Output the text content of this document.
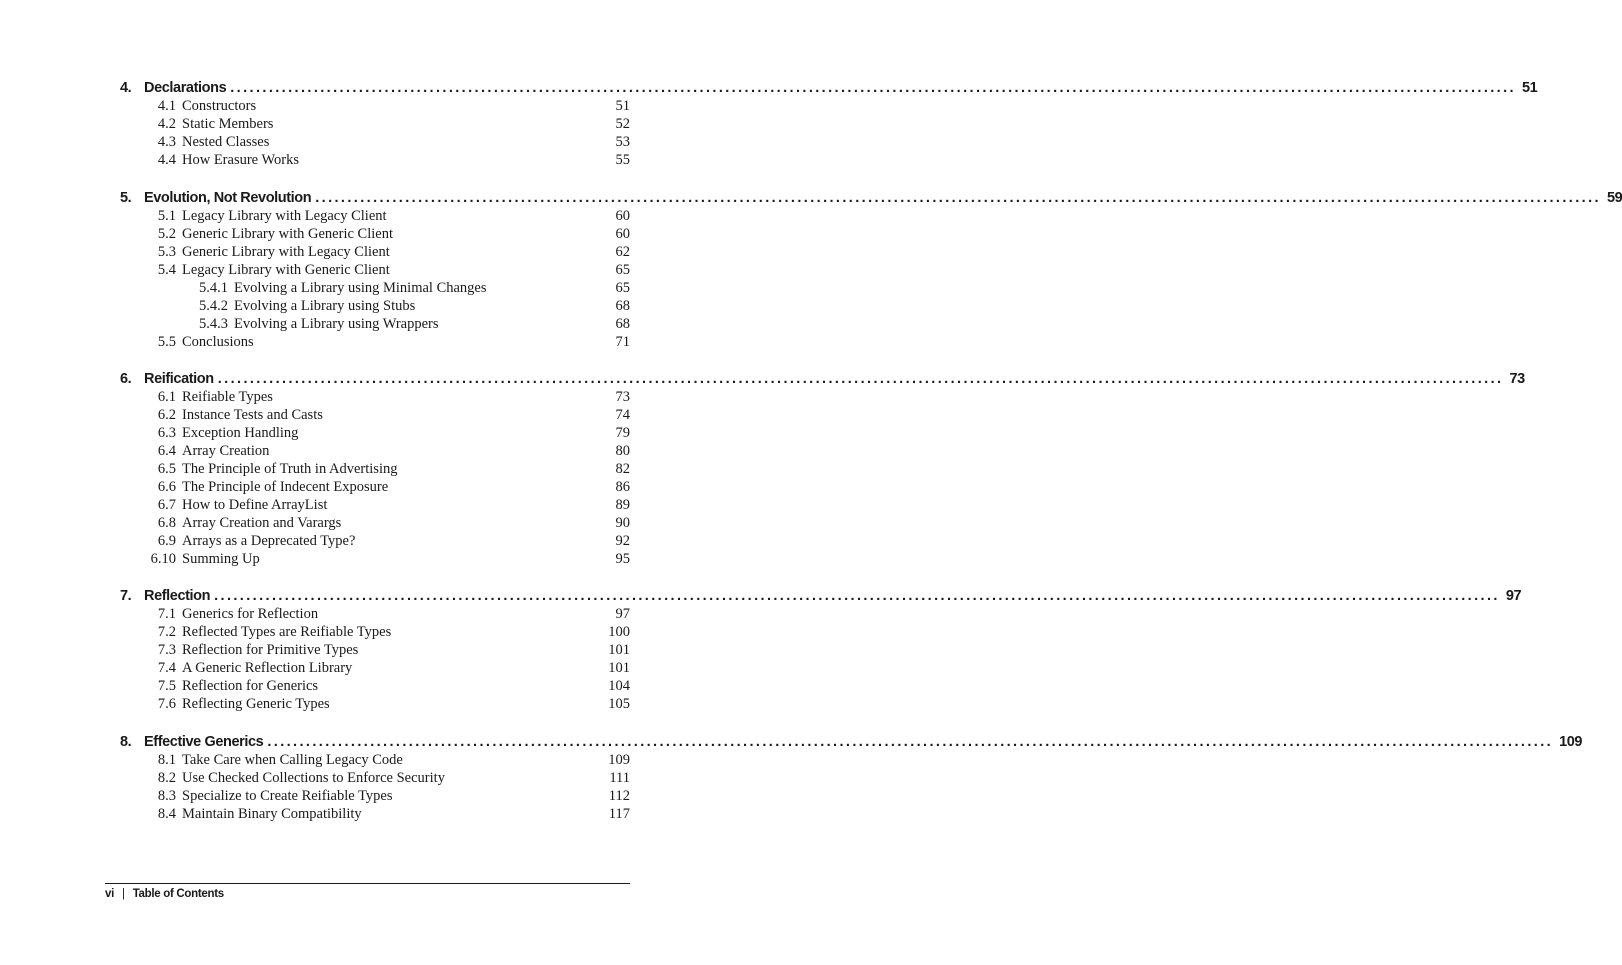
4. Declarations ........................................................................................................................................................................................................ 51
4.1 Constructors	51
4.2 Static Members	52
4.3 Nested Classes	53
4.4 How Erasure Works	55
5. Evolution, Not Revolution ........................................................................................................................................................................................................ 59
5.1 Legacy Library with Legacy Client	60
5.2 Generic Library with Generic Client	60
5.3 Generic Library with Legacy Client	62
5.4 Legacy Library with Generic Client	65
5.4.1 Evolving a Library using Minimal Changes	65
5.4.2 Evolving a Library using Stubs	68
5.4.3 Evolving a Library using Wrappers	68
5.5 Conclusions	71
6. Reification ........................................................................................................................................................................................................ 73
6.1 Reifiable Types	73
6.2 Instance Tests and Casts	74
6.3 Exception Handling	79
6.4 Array Creation	80
6.5 The Principle of Truth in Advertising	82
6.6 The Principle of Indecent Exposure	86
6.7 How to Define ArrayList	89
6.8 Array Creation and Varargs	90
6.9 Arrays as a Deprecated Type?	92
6.10 Summing Up	95
7. Reflection ........................................................................................................................................................................................................ 97
7.1 Generics for Reflection	97
7.2 Reflected Types are Reifiable Types	100
7.3 Reflection for Primitive Types	101
7.4 A Generic Reflection Library	101
7.5 Reflection for Generics	104
7.6 Reflecting Generic Types	105
8. Effective Generics ........................................................................................................................................................................................................ 109
8.1 Take Care when Calling Legacy Code	109
8.2 Use Checked Collections to Enforce Security	111
8.3 Specialize to Create Reifiable Types	112
8.4 Maintain Binary Compatibility	117
vi | Table of Contents
